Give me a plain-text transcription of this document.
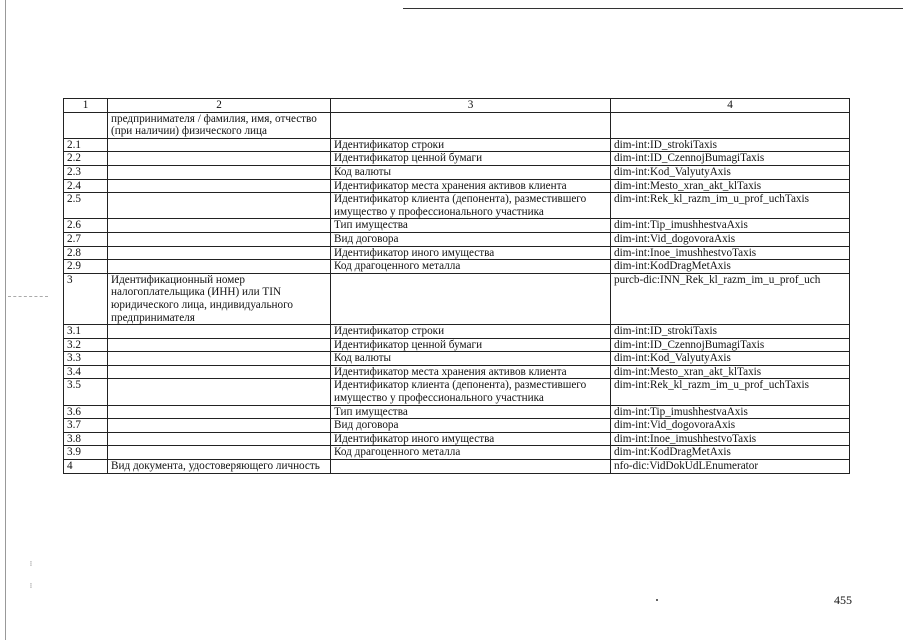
⁞
⁞
1	2	3	4
	предпринимателя / фамилия, имя, отчество (при наличии) физического лица		
2.1		Идентификатор строки	dim-int:ID_strokiTaxis
2.2		Идентификатор ценной бумаги	dim-int:ID_CzennojBumagiTaxis
2.3		Код валюты	dim-int:Kod_ValyutyAxis
2.4		Идентификатор места хранения активов клиента	dim-int:Mesto_xran_akt_klTaxis
2.5		Идентификатор клиента (депонента), разместившего имущество у профессионального участника	dim-int:Rek_kl_razm_im_u_prof_uchTaxis
2.6		Тип имущества	dim-int:Tip_imushhestvaAxis
2.7		Вид договора	dim-int:Vid_dogovoraAxis
2.8		Идентификатор иного имущества	dim-int:Inoe_imushhestvoTaxis
2.9		Код драгоценного металла	dim-int:KodDragMetAxis
3	Идентификационный номер налогоплательщика (ИНН) или TIN юридического лица, индивидуального предпринимателя		purcb-dic:INN_Rek_kl_razm_im_u_prof_uch
3.1		Идентификатор строки	dim-int:ID_strokiTaxis
3.2		Идентификатор ценной бумаги	dim-int:ID_CzennojBumagiTaxis
3.3		Код валюты	dim-int:Kod_ValyutyAxis
3.4		Идентификатор места хранения активов клиента	dim-int:Mesto_xran_akt_klTaxis
3.5		Идентификатор клиента (депонента), разместившего имущество у профессионального участника	dim-int:Rek_kl_razm_im_u_prof_uchTaxis
3.6		Тип имущества	dim-int:Tip_imushhestvaAxis
3.7		Вид договора	dim-int:Vid_dogovoraAxis
3.8		Идентификатор иного имущества	dim-int:Inoe_imushhestvoTaxis
3.9		Код драгоценного металла	dim-int:KodDragMetAxis
4	Вид документа, удостоверяющего личность		nfo-dic:VidDokUdLEnumerator
455
